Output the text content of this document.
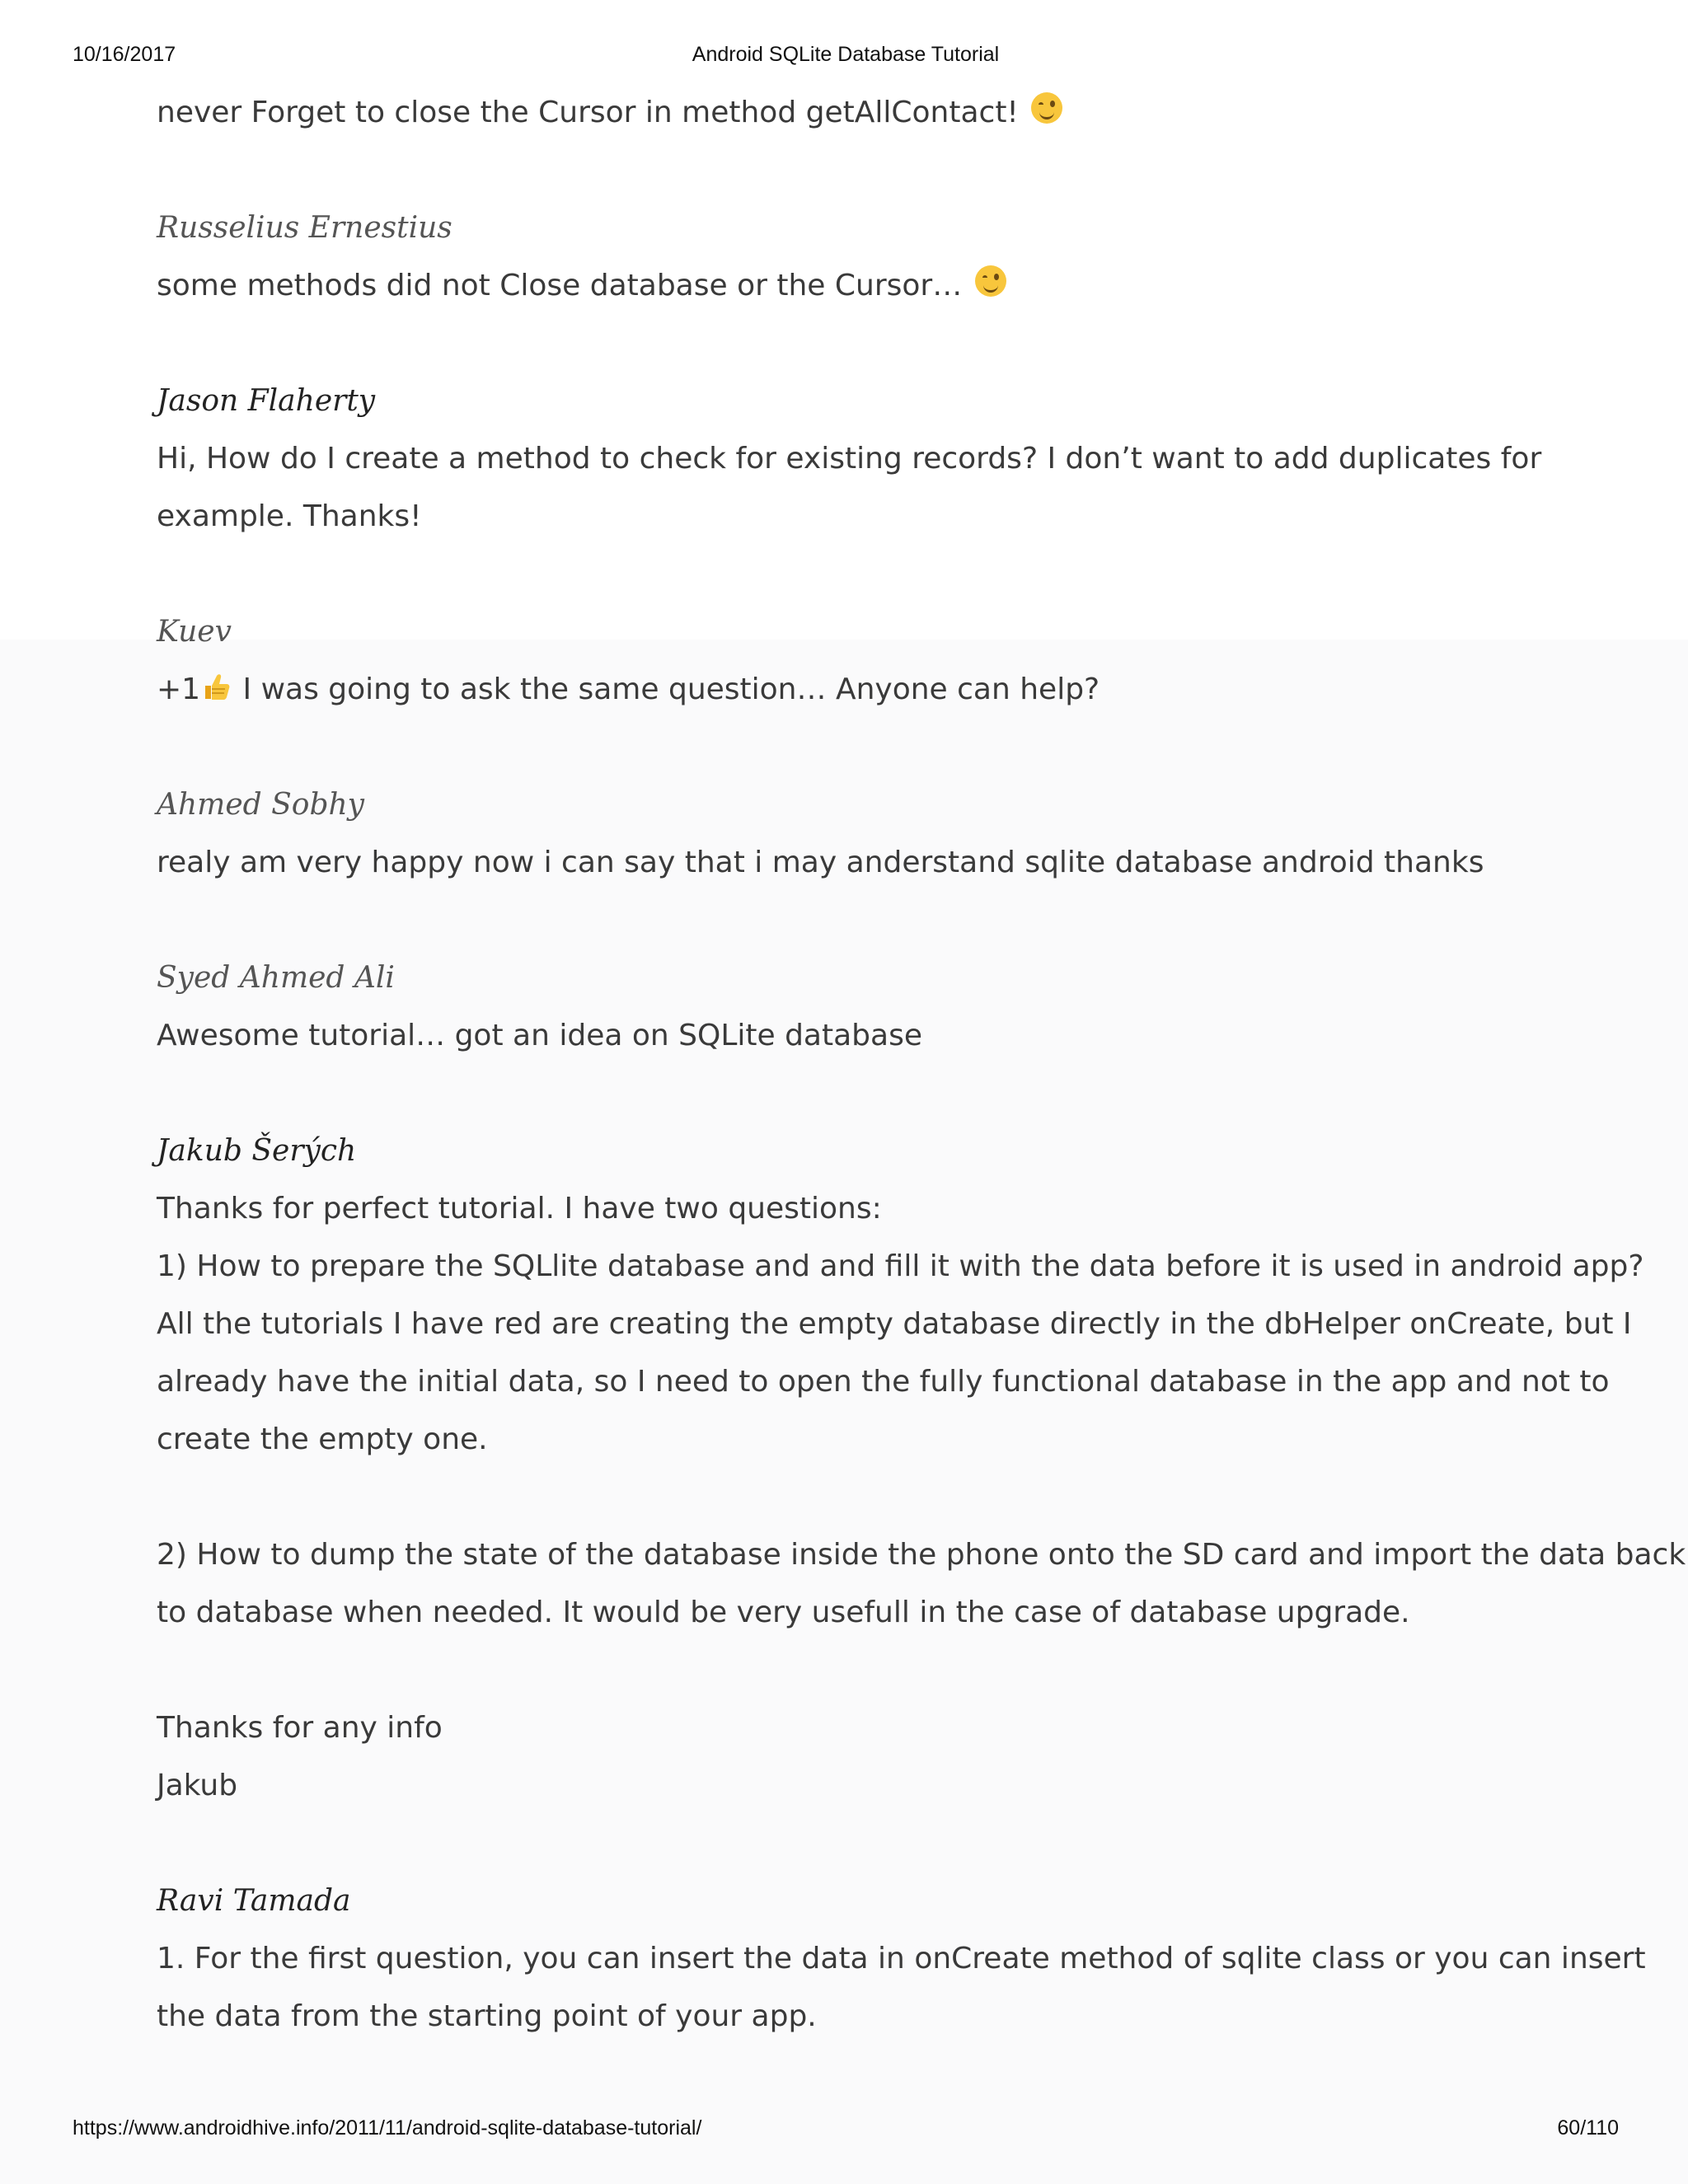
10/16/2017	Android SQLite Database Tutorial
never Forget to close the Cursor in method getAllContact!
Russelius Ernestius
some methods did not Close database or the Cursor…
Jason Flaherty
Hi, How do I create a method to check for existing records? I don’t want to add duplicates for
example. Thanks!
Kuev
+1
I was going to ask the same question… Anyone can help?
Ahmed Sobhy
realy am very happy now i can say that i may anderstand sqlite database android thanks
Syed Ahmed Ali
Awesome tutorial… got an idea on SQLite database
Jakub Šerých
Thanks for perfect tutorial. I have two questions:
1) How to prepare the SQLlite database and and fill it with the data before it is used in android app?
All the tutorials I have red are creating the empty database directly in the dbHelper onCreate, but I
already have the initial data, so I need to open the fully functional database in the app and not to
create the empty one.
2) How to dump the state of the database inside the phone onto the SD card and import the data back
to database when needed. It would be very usefull in the case of database upgrade.
Thanks for any info
Jakub
Ravi Tamada
1. For the first question, you can insert the data in onCreate method of sqlite class or you can insert
the data from the starting point of your app.
https://www.androidhive.info/2011/11/android-sqlite-database-tutorial/	60/110
